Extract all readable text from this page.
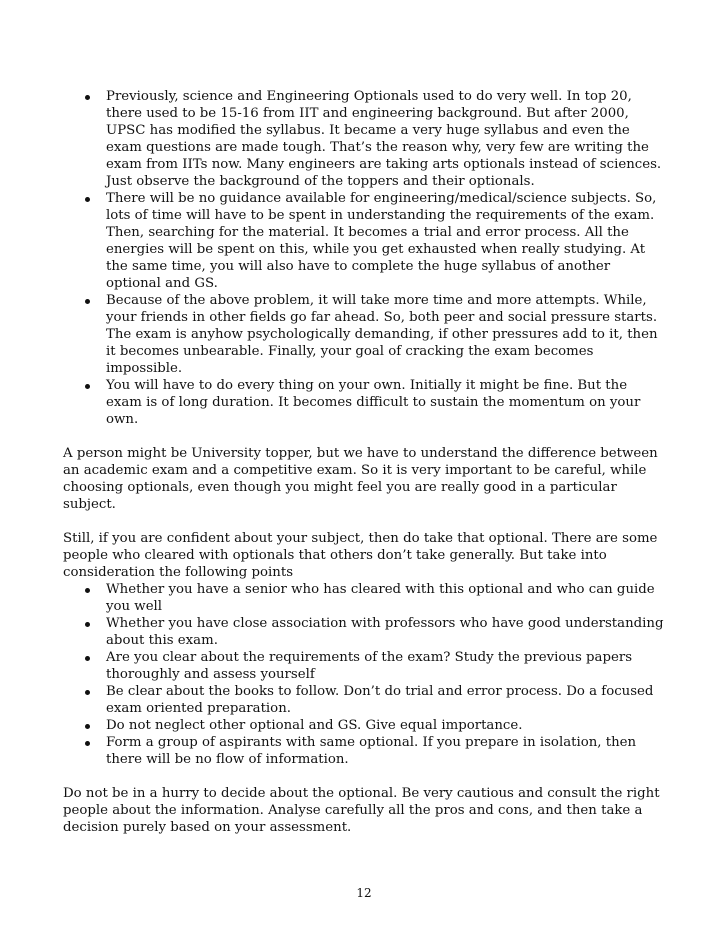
Previously, science and Engineering Optionals used to do very well. In top 20, there used to be 15-16 from IIT and engineering background. But after 2000, UPSC has modified the syllabus. It became a very huge syllabus and even the exam questions are made tough. That’s the reason why, very few are writing the exam from IITs now. Many engineers are taking arts optionals instead of sciences. Just observe the background of the toppers and their optionals.
There will be no guidance available for engineering/medical/science subjects. So, lots of time will have to be spent in understanding the requirements of the exam. Then, searching for the material. It becomes a trial and error process. All the energies will be spent on this, while you get exhausted when really studying. At the same time, you will also have to complete the huge syllabus of another optional and GS.
Because of the above problem, it will take more time and more attempts. While, your friends in other fields go far ahead. So, both peer and social pressure starts. The exam is anyhow psychologically demanding, if other pressures add to it, then it becomes unbearable. Finally, your goal of cracking the exam becomes impossible.
You will have to do every thing on your own. Initially it might be fine. But the exam is of long duration. It becomes difficult to sustain the momentum on your own.

A person might be University topper, but we have to understand the difference between an academic exam and a competitive exam. So it is very important to be careful, while choosing optionals, even though you might feel you are really good in a particular subject.

Still, if you are confident about your subject, then do take that optional. There are some people who cleared with optionals that others don’t take generally. But take into consideration the following points

Whether you have a senior who has cleared with this optional and who can guide you well
Whether you have close association with professors who have good understanding about this exam.
Are you clear about the requirements of the exam? Study the previous papers thoroughly and assess yourself
Be clear about the books to follow. Don’t do trial and error process. Do a focused exam oriented preparation.
Do not neglect other optional and GS. Give equal importance.
Form a group of aspirants with same optional. If you prepare in isolation, then there will be no flow of information.

Do not be in a hurry to decide about the optional. Be very cautious and consult the right people about the information. Analyse carefully all the pros and cons, and then take a decision purely based on your assessment.

12
